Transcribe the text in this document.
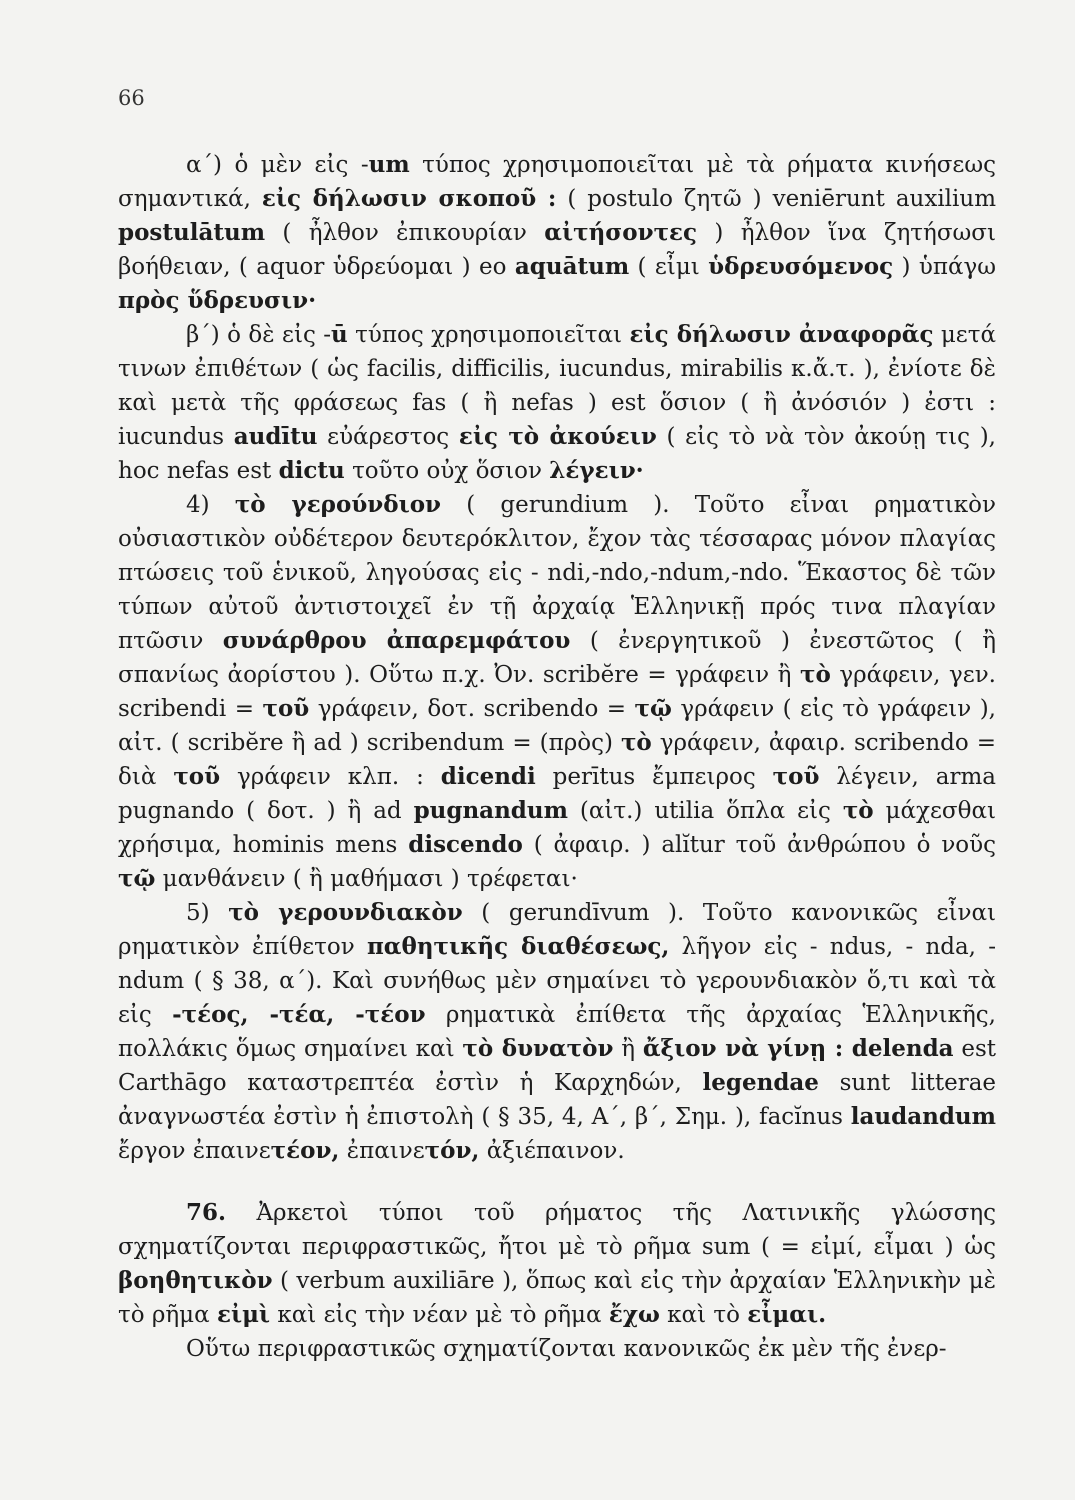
66

α΄) ὁ μὲν εἰς -um τύπος χρησιμοποιεῖται μὲ τὰ ρήματα κινήσεως σημαντικά, εἰς δήλωσιν σκοποῦ : ( postulo ζητῶ ) veniērunt auxilium postulātum ( ἦλθον ἐπικουρίαν αἰτήσοντες ) ἦλθον ἵνα ζητήσωσι βοήθειαν, ( aquor ὑδρεύομαι ) eo aquātum ( εἶμι ὑδρευσόμενος ) ὑπάγω πρὸς ὕδρευσιν·

β΄) ὁ δὲ εἰς -ū τύπος χρησιμοποιεῖται εἰς δήλωσιν ἀναφορᾶς μετά τινων ἐπιθέτων ( ὡς facilis, difficilis, iucundus, mirabilis κ.ἄ.τ. ), ἐνίοτε δὲ καὶ μετὰ τῆς φράσεως fas ( ἢ nefas ) est ὅσιον ( ἢ ἀνόσιόν ) ἐστι : iucundus audītu εὐάρεστος εἰς τὸ ἀκούειν ( εἰς τὸ νὰ τὸν ἀκούῃ τις ), hoc nefas est dictu τοῦτο οὐχ ὅσιον λέγειν·

4) τὸ γερούνδιον ( gerundium ). Τοῦτο εἶναι ρηματικὸν οὐσιαστικὸν οὐδέτερον δευτερόκλιτον, ἔχον τὰς τέσσαρας μόνον πλαγίας πτώσεις τοῦ ἑνικοῦ, ληγούσας εἰς - ndi,-ndo,-ndum,-ndo. Ἕκαστος δὲ τῶν τύπων αὐτοῦ ἀντιστοιχεῖ ἐν τῇ ἀρχαίᾳ Ἑλληνικῇ πρός τινα πλαγίαν πτῶσιν συνάρθρου ἀπαρεμφάτου ( ἐνεργητικοῦ ) ἐνεστῶτος ( ἢ σπανίως ἀορίστου ). Οὕτω π.χ. Ὀν. scribĕre = γράφειν ἢ τὸ γράφειν, γεν. scribendi = τοῦ γράφειν, δοτ. scribendo = τῷ γράφειν ( εἰς τὸ γράφειν ), αἰτ. ( scribĕre ἢ ad ) scribendum = (πρὸς) τὸ γράφειν, ἀφαιρ. scribendo = διὰ τοῦ γράφειν κλπ. : dicendi perītus ἔμπειρος τοῦ λέγειν, arma pugnando ( δοτ. ) ἢ ad pugnandum (αἰτ.) utilia ὅπλα εἰς τὸ μάχεσθαι χρήσιμα, hominis mens discendo ( ἀφαιρ. ) alĭtur τοῦ ἀνθρώπου ὁ νοῦς τῷ μανθάνειν ( ἢ μαθήμασι ) τρέφεται·

5) τὸ γερουνδιακὸν ( gerundīvum ). Τοῦτο κανονικῶς εἶναι ρηματικὸν ἐπίθετον παθητικῆς διαθέσεως, λῆγον εἰς - ndus, - nda, -ndum ( § 38, α΄). Καὶ συνήθως μὲν σημαίνει τὸ γερουνδιακὸν ὅ,τι καὶ τὰ εἰς -τέος, -τέα, -τέον ρηματικὰ ἐπίθετα τῆς ἀρχαίας Ἑλληνικῆς, πολλάκις ὅμως σημαίνει καὶ τὸ δυνατὸν ἢ ἄξιον νὰ γίνῃ : delenda est Carthāgo καταστρεπτέα ἐστὶν ἡ Καρχηδών, legendae sunt litterae ἀναγνωστέα ἐστὶν ἡ ἐπιστολὴ ( § 35, 4, Α΄, β΄, Σημ. ), facĭnus laudandum ἔργον ἐπαινετέον, ἐπαινετόν, ἀξιέπαινον.

76. Ἀρκετοὶ τύποι τοῦ ρήματος τῆς Λατινικῆς γλώσσης σχηματίζονται περιφραστικῶς, ἤτοι μὲ τὸ ρῆμα sum ( = εἰμί, εἶμαι ) ὡς βοηθητικὸν ( verbum auxiliāre ), ὅπως καὶ εἰς τὴν ἀρχαίαν Ἑλληνικὴν μὲ τὸ ρῆμα εἰμὶ καὶ εἰς τὴν νέαν μὲ τὸ ρῆμα ἔχω καὶ τὸ εἶμαι.

Οὕτω περιφραστικῶς σχηματίζονται κανονικῶς ἐκ μὲν τῆς ἐνερ-
